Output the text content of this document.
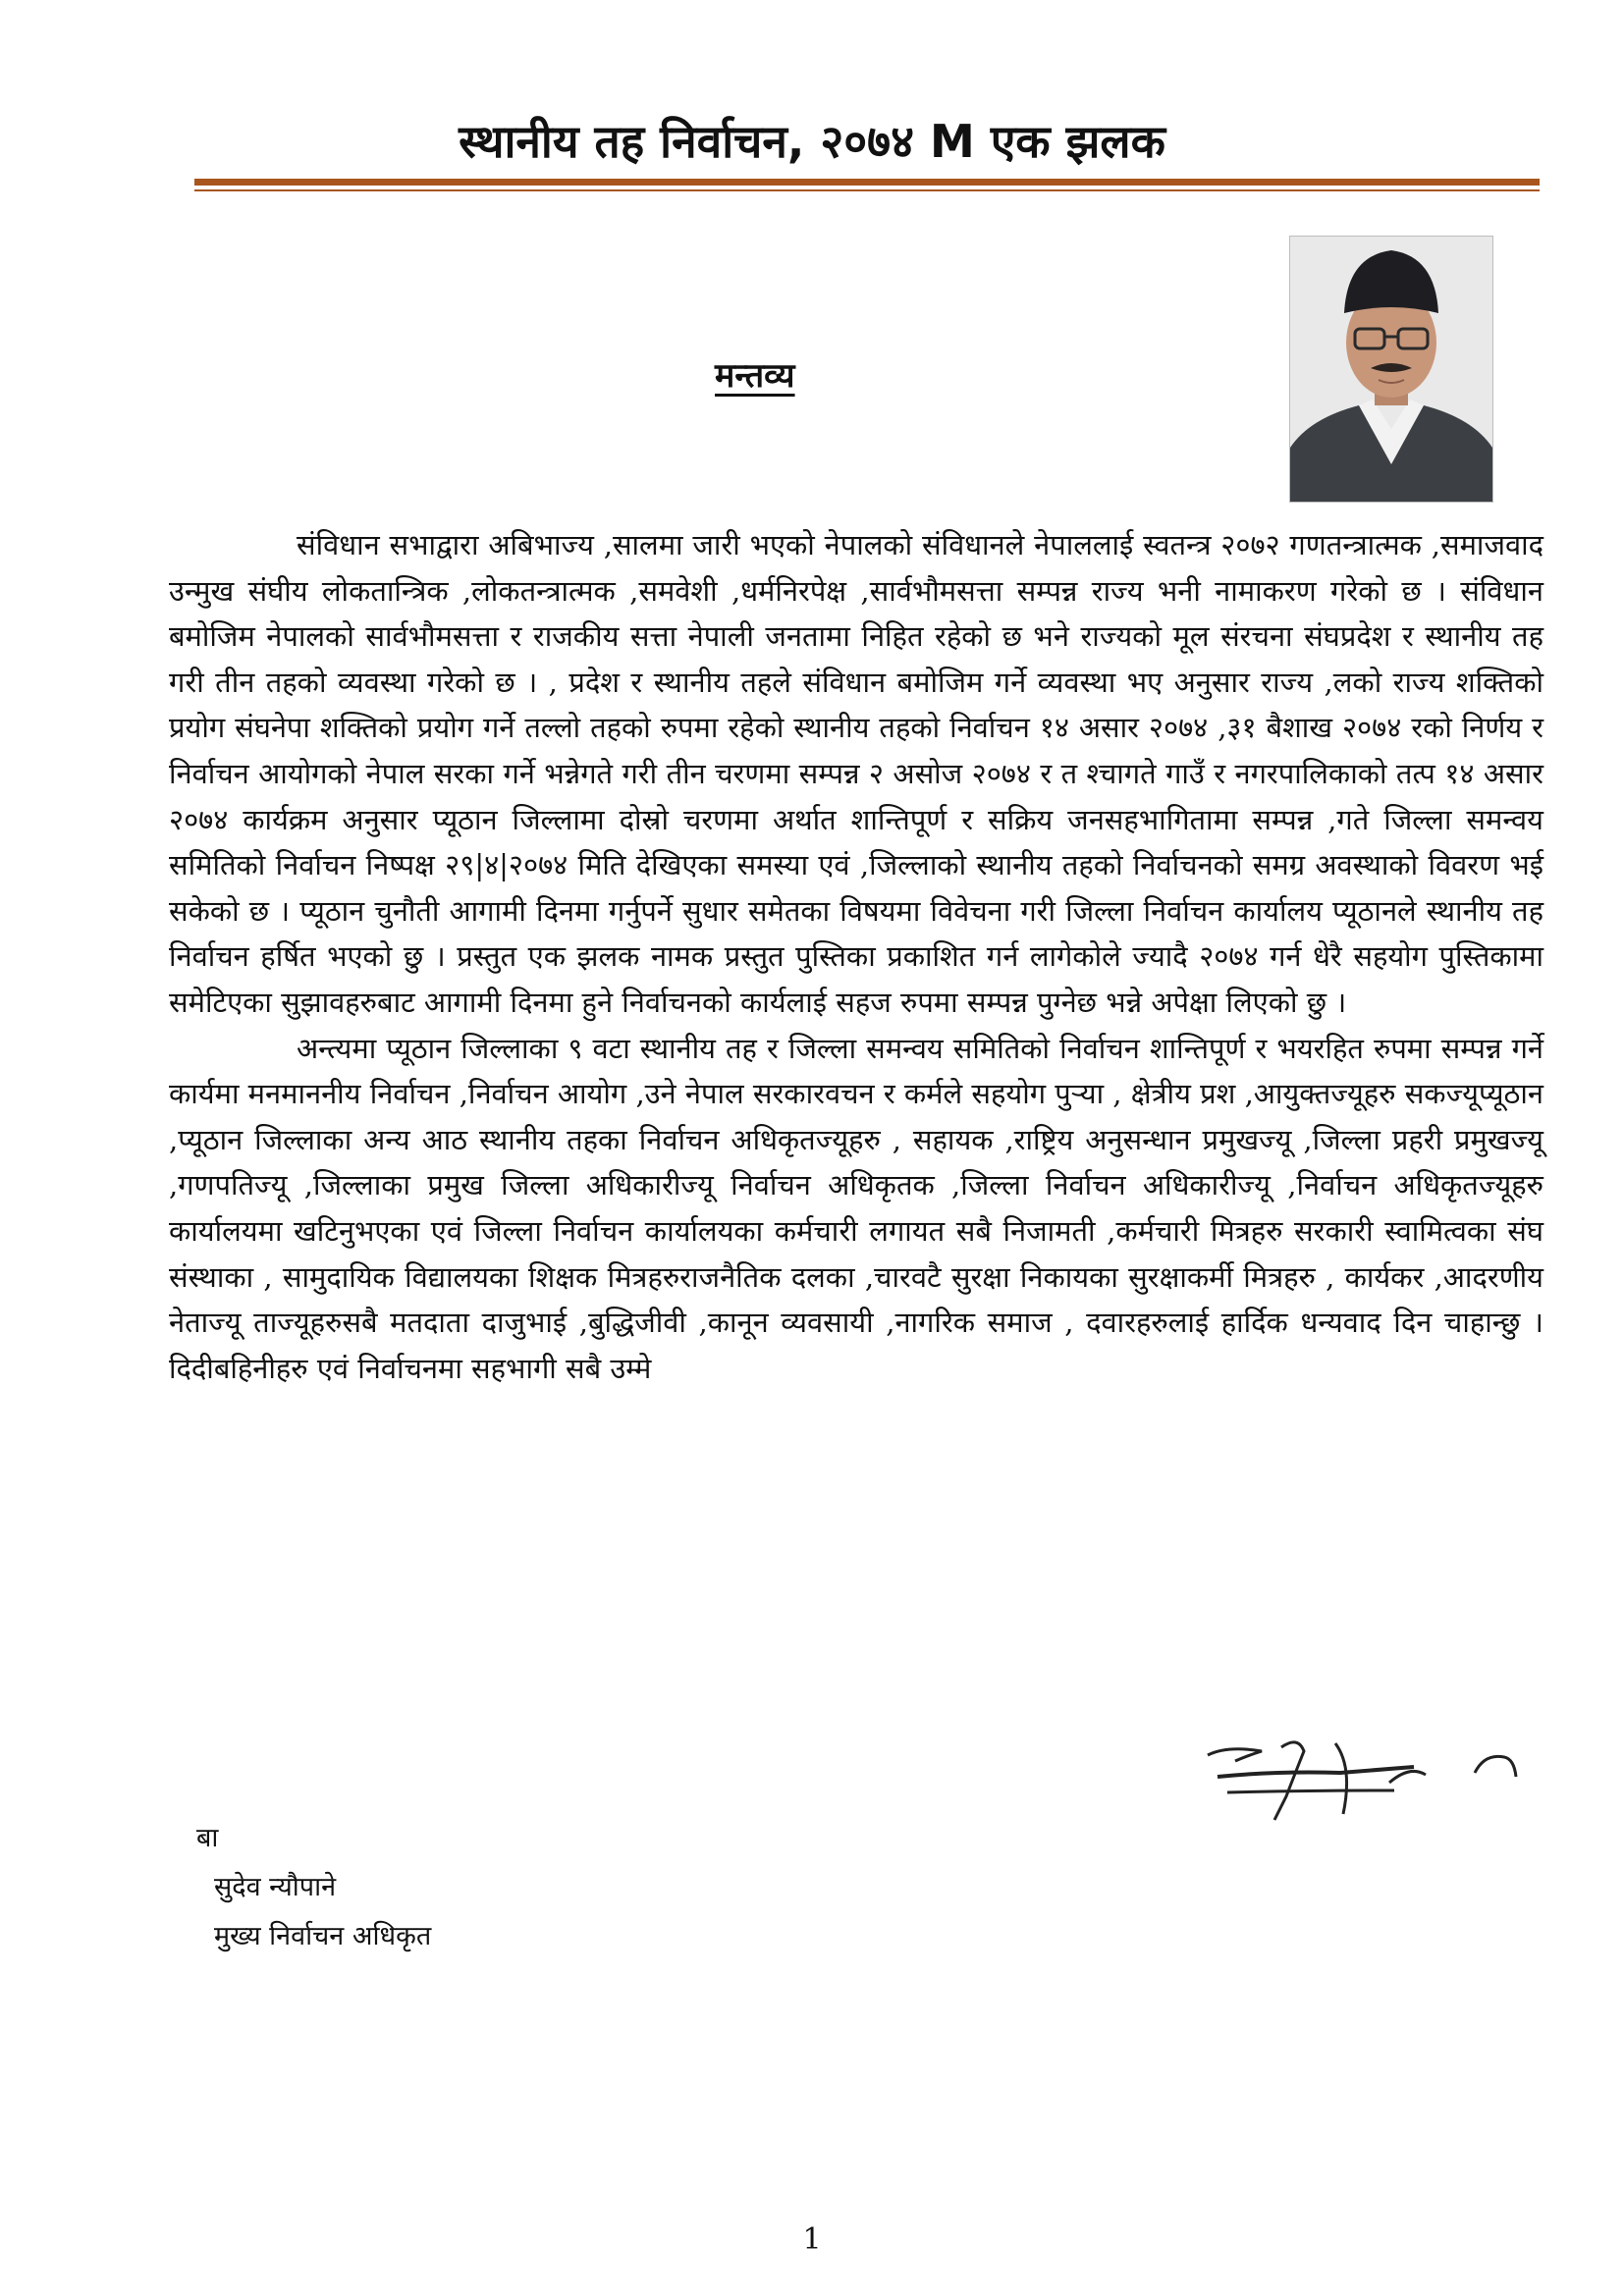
स्थानीय तह निर्वाचन, २०७४ M एक झलक
मन्तव्य

संविधान सभाद्वारा अबिभाज्य ,सालमा जारी भएको नेपालको संविधानले नेपाललाई स्वतन्त्र २०७२ गणतन्त्रात्मक ,समाजवाद उन्मुख संघीय लोकतान्त्रिक ,लोकतन्त्रात्मक ,समवेशी ,धर्मनिरपेक्ष ,सार्वभौमसत्ता सम्पन्न राज्य भनी नामाकरण गरेको छ । संविधान बमोजिम नेपालको सार्वभौमसत्ता र राजकीय सत्ता नेपाली जनतामा निहित रहेको छ भने राज्यको मूल संरचना संघप्रदेश र स्थानीय तह गरी तीन तहको व्यवस्था गरेको छ । , प्रदेश र स्थानीय तहले संविधान बमोजिम गर्ने व्यवस्था भए अनुसार राज्य ,लको राज्य शक्तिको प्रयोग संघनेपा शक्तिको प्रयोग गर्ने तल्लो तहको रुपमा रहेको स्थानीय तहको निर्वाचन १४ असार २०७४ ,३१ बैशाख २०७४ रको निर्णय र निर्वाचन आयोगको नेपाल सरका गर्ने भन्नेगते गरी तीन चरणमा सम्पन्न २ असोज २०७४ र त श्चागते गाउँ र नगरपालिकाको तत्प १४ असार २०७४ कार्यक्रम अनुसार प्यूठान जिल्लामा दोस्रो चरणमा अर्थात शान्तिपूर्ण र सक्रिय जनसहभागितामा सम्पन्न ,गते जिल्ला समन्वय समितिको निर्वाचन निष्पक्ष २९|४|२०७४ मिति देखिएका समस्या एवं ,जिल्लाको स्थानीय तहको निर्वाचनको समग्र अवस्थाको विवरण भई सकेको छ । प्यूठान चुनौती आगामी दिनमा गर्नुपर्ने सुधार समेतका विषयमा विवेचना गरी जिल्ला निर्वाचन कार्यालय प्यूठानले स्थानीय तह निर्वाचन हर्षित भएको छु । प्रस्तुत एक झलक नामक प्रस्तुत पुस्तिका प्रकाशित गर्न लागेकोले ज्यादै २०७४ गर्न धेरै सहयोग पुस्तिकामा समेटिएका सुझावहरुबाट आगामी दिनमा हुने निर्वाचनको कार्यलाई सहज रुपमा सम्पन्न पुग्नेछ भन्ने अपेक्षा लिएको छु ।

अन्त्यमा प्यूठान जिल्लाका ९ वटा स्थानीय तह र जिल्ला समन्वय समितिको निर्वाचन शान्तिपूर्ण र भयरहित रुपमा सम्पन्न गर्ने कार्यमा मनमाननीय निर्वाचन ,निर्वाचन आयोग ,उने नेपाल सरकारवचन र कर्मले सहयोग पुर्‍या , क्षेत्रीय प्रश ,आयुक्तज्यूहरु सकज्यूप्यूठान ,प्यूठान जिल्लाका अन्य आठ स्थानीय तहका निर्वाचन अधिकृतज्यूहरु , सहायक ,राष्ट्रिय अनुसन्धान प्रमुखज्यू ,जिल्ला प्रहरी प्रमुखज्यू ,गणपतिज्यू ,जिल्लाका प्रमुख जिल्ला अधिकारीज्यू निर्वाचन अधिकृतक ,जिल्ला निर्वाचन अधिकारीज्यू ,निर्वाचन अधिकृतज्यूहरु कार्यालयमा खटिनुभएका एवं जिल्ला निर्वाचन कार्यालयका कर्मचारी लगायत सबै निजामती ,कर्मचारी मित्रहरु सरकारी स्वामित्वका संघ संस्थाका , सामुदायिक विद्यालयका शिक्षक मित्रहरुराजनैतिक दलका ,चारवटै सुरक्षा निकायका सुरक्षाकर्मी मित्रहरु , कार्यकर ,आदरणीय नेताज्यू ताज्यूहरुसबै मतदाता दाजुभाई ,बुद्धिजीवी ,कानून व्यवसायी ,नागरिक समाज , दवारहरुलाई हार्दिक धन्यवाद दिन चाहान्छु ।दिदीबहिनीहरु एवं निर्वाचनमा सहभागी सबै उम्मे

बा
सुदेव न्यौपाने
मुख्य निर्वाचन अधिकृत
1
